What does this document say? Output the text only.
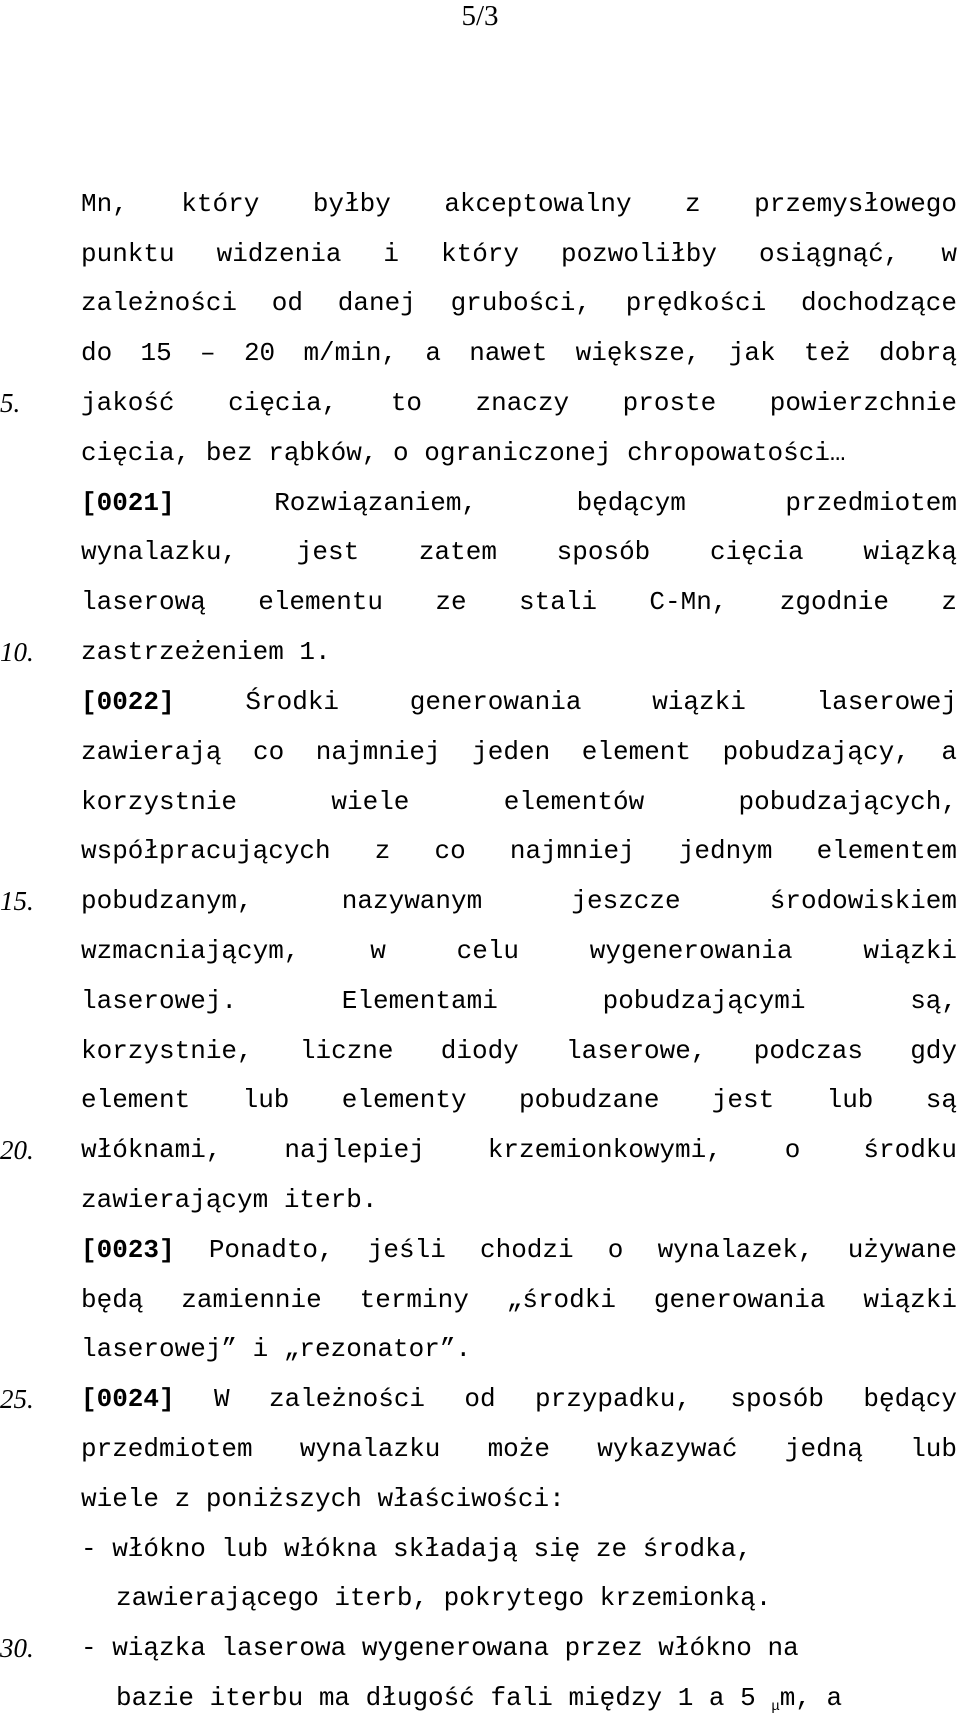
5/3
5.
10.
15.
20.
25.
30.
Mn, który byłby akceptowalny z przemysłowego
punktu widzenia i który pozwoliłby osiągnąć, w
zależności od danej grubości, prędkości dochodzące
do 15 – 20 m/min, a nawet większe, jak też dobrą
jakość cięcia, to znaczy proste powierzchnie
cięcia, bez rąbków, o ograniczonej chropowatości…
[0021]	Rozwiązaniem, będącym przedmiotem
wynalazku, jest zatem sposób cięcia wiązką
laserową elementu ze stali C-Mn, zgodnie z
zastrzeżeniem 1.
[0022]	Środki generowania wiązki laserowej
zawierają co najmniej jeden element pobudzający, a
korzystnie wiele elementów pobudzających,
współpracujących z co najmniej jednym elementem
pobudzanym, nazywanym jeszcze środowiskiem
wzmacniającym, w celu wygenerowania wiązki
laserowej. Elementami pobudzającymi są,
korzystnie, liczne diody laserowe, podczas gdy
element lub elementy pobudzane jest lub są
włóknami, najlepiej krzemionkowymi, o środku
zawierającym iterb.
[0023] Ponadto, jeśli chodzi o wynalazek, używane
będą zamiennie terminy „środki generowania wiązki
laserowej” i „rezonator”.
[0024] W zależności od przypadku, sposób będący
przedmiotem wynalazku może wykazywać jedną lub
wiele z poniższych właściwości:
- włókno lub włókna składają się ze środka,
zawierającego iterb, pokrytego krzemionką.
- wiązka laserowa wygenerowana przez włókno na
bazie iterbu ma długość fali między 1 a 5 $_\mu$m, a
